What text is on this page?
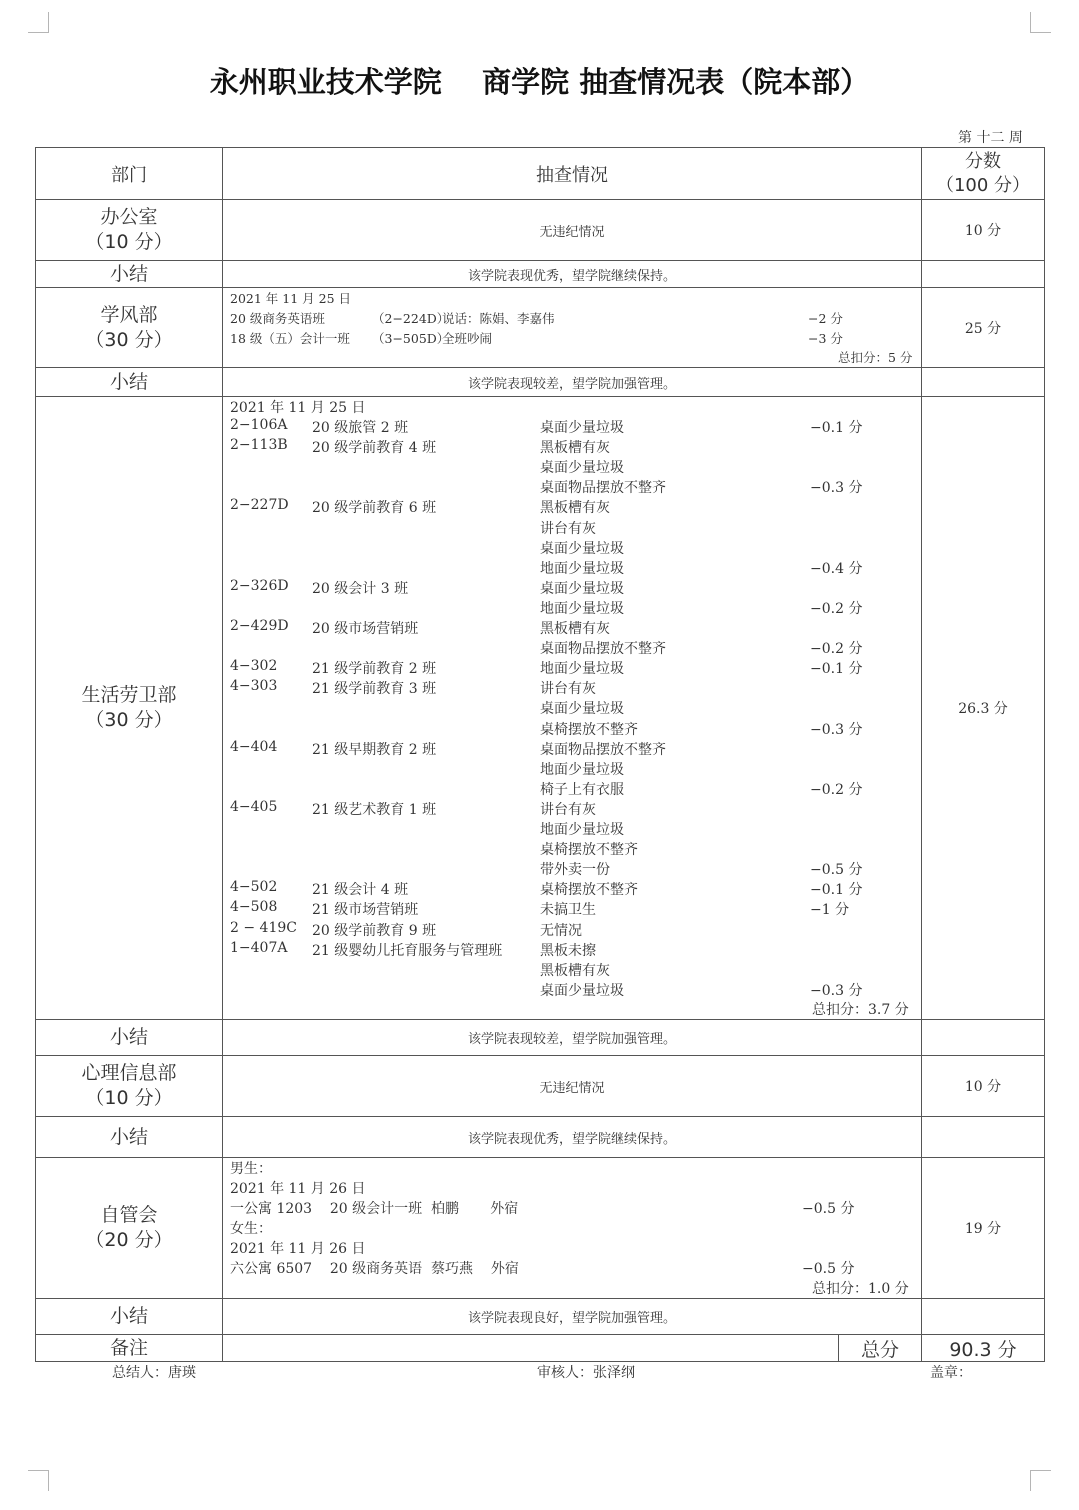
永州职业技术学院    商学院 抽查情况表（院本部）
第 十二 周
部门	抽查情况
分数
（100 分）
办公室
（10 分）	无违纪情况	10 分
小结	该学院表现优秀，望学院继续保持。
学风部
（30 分）
2021 年 11 月 25 日
20 级商务英语班	（2−224D）
说话：陈娟、李嘉伟	−2 分
18 级（五）会计一班 （3−505D）
全班吵闹	−3 分
总扣分：5 分
25 分
小结	该学院表现较差，望学院加强管理。
生活劳卫部
（30 分）
2021 年 11 月 25 日
2−106A 20 级旅管 2 班	桌面少量垃圾	−0.1 分
2−113B 20 级学前教育 4 班	黑板槽有灰
桌面少量垃圾
桌面物品摆放不整齐	−0.3 分
2−227D 20 级学前教育 6 班	黑板槽有灰
讲台有灰
桌面少量垃圾
地面少量垃圾	−0.4 分
2−326D 20 级会计 3 班	桌面少量垃圾
地面少量垃圾	−0.2 分
2−429D 20 级市场营销班	黑板槽有灰
桌面物品摆放不整齐	−0.2 分
4−302 21 级学前教育 2 班	地面少量垃圾	−0.1 分
4−303 21 级学前教育 3 班	讲台有灰
桌面少量垃圾
桌椅摆放不整齐	−0.3 分
4−404 21 级早期教育 2 班	桌面物品摆放不整齐
地面少量垃圾
椅子上有衣服	−0.2 分
4−405 21 级艺术教育 1 班	讲台有灰
地面少量垃圾
桌椅摆放不整齐
带外卖一份	−0.5 分
4−502 21 级会计 4 班	桌椅摆放不整齐	−0.1 分
4−508 21 级市场营销班	未搞卫生	−1 分
2 − 419C 20 级学前教育 9 班	无情况
1−407A 21 级婴幼儿托育服务与管理班	黑板未擦
黑板槽有灰
桌面少量垃圾	−0.3 分
总扣分：3.7 分
26.3 分
小结	该学院表现较差，望学院加强管理。
心理信息部
（10 分）	无违纪情况	10 分
小结	该学院表现优秀，望学院继续保持。
自管会
（20 分）
男生：
2021 年 11 月 26 日
一公寓 1203    20 级会计一班  柏鹏       外宿	−0.5 分
女生：
2021 年 11 月 26 日
六公寓 6507    20 级商务英语  蔡巧燕    外宿	−0.5 分
总扣分：1.0 分
19 分
小结	该学院表现良好，望学院加强管理。
备注	总分	90.3 分
总结人：唐瑛	审核人：张泽纲	盖章：
